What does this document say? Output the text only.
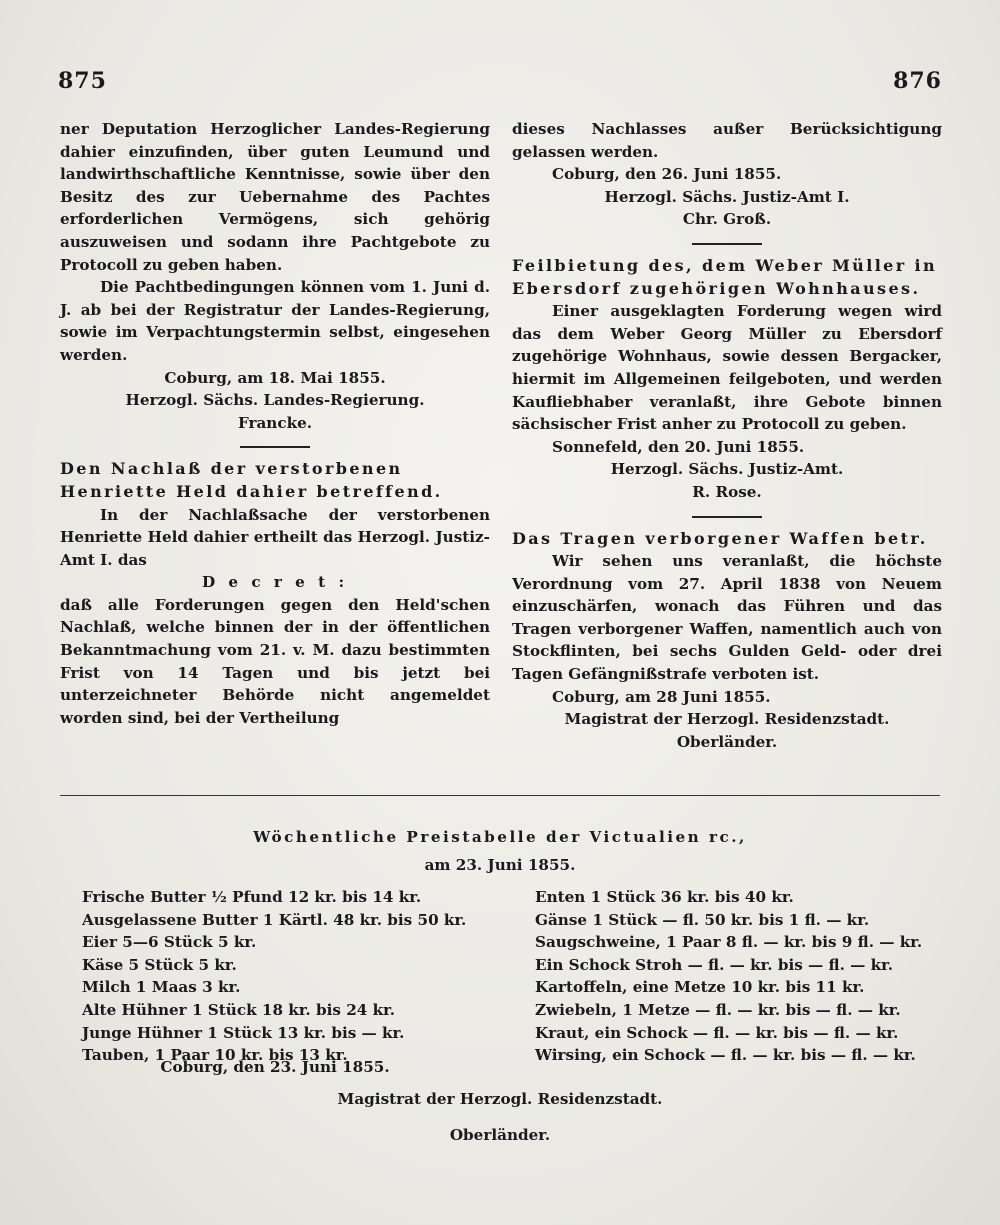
875	876

ner Deputation Herzoglicher Landes-Regierung dahier einzufinden, über guten Leumund und landwirthschaftliche Kenntnisse, sowie über den Besitz des zur Uebernahme des Pachtes erforderlichen Vermögens, sich gehörig auszuweisen und sodann ihre Pachtgebote zu Protocoll zu geben haben.

Die Pachtbedingungen können vom 1. Juni d. J. ab bei der Registratur der Landes-Regierung, sowie im Verpachtungstermin selbst, eingesehen werden.

Coburg, am 18. Mai 1855.

Herzogl. Sächs. Landes-Regierung.

Francke.

Den Nachlaß der verstorbenen Henriette Held dahier betreffend.

In der Nachlaßsache der verstorbenen Henriette Held dahier ertheilt das Herzogl. Justiz-Amt I. das

D e c r e t :

daß alle Forderungen gegen den Held'schen Nachlaß, welche binnen der in der öffentlichen Bekanntmachung vom 21. v. M. dazu bestimmten Frist von 14 Tagen und bis jetzt bei unterzeichneter Behörde nicht angemeldet worden sind, bei der Vertheilung

dieses Nachlasses außer Berücksichtigung gelassen werden.

Coburg, den 26. Juni 1855.

Herzogl. Sächs. Justiz-Amt I.

Chr. Groß.

Feilbietung des, dem Weber Müller in Ebersdorf zugehörigen Wohnhauses.

Einer ausgeklagten Forderung wegen wird das dem Weber Georg Müller zu Ebersdorf zugehörige Wohnhaus, sowie dessen Bergacker, hiermit im Allgemeinen feilgeboten, und werden Kaufliebhaber veranlaßt, ihre Gebote binnen sächsischer Frist anher zu Protocoll zu geben.

Sonnefeld, den 20. Juni 1855.

Herzogl. Sächs. Justiz-Amt.

R. Rose.

Das Tragen verborgener Waffen betr.

Wir sehen uns veranlaßt, die höchste Verordnung vom 27. April 1838 von Neuem einzuschärfen, wonach das Führen und das Tragen verborgener Waffen, namentlich auch von Stockflinten, bei sechs Gulden Geld- oder drei Tagen Gefängnißstrafe verboten ist.

Coburg, am 28 Juni 1855.

Magistrat der Herzogl. Residenzstadt.

Oberländer.

Wöchentliche Preistabelle der Victualien rc.,
am 23. Juni 1855.
Frische Butter ½ Pfund 12 kr. bis 14 kr.
Ausgelassene Butter 1 Kärtl. 48 kr. bis 50 kr.
Eier 5—6 Stück 5 kr.
Käse 5 Stück 5 kr.
Milch 1 Maas 3 kr.
Alte Hühner 1 Stück 18 kr. bis 24 kr.
Junge Hühner 1 Stück 13 kr. bis — kr.
Tauben, 1 Paar 10 kr. bis 13 kr.
Enten 1 Stück 36 kr. bis 40 kr.
Gänse 1 Stück — fl. 50 kr. bis 1 fl. — kr.
Saugschweine, 1 Paar 8 fl. — kr. bis 9 fl. — kr.
Ein Schock Stroh — fl. — kr. bis — fl. — kr.
Kartoffeln, eine Metze 10 kr. bis 11 kr.
Zwiebeln, 1 Metze — fl. — kr. bis — fl. — kr.
Kraut, ein Schock — fl. — kr. bis — fl. — kr.
Wirsing, ein Schock — fl. — kr. bis — fl. — kr.
Coburg, den 23. Juni 1855.
Magistrat der Herzogl. Residenzstadt.
Oberländer.
